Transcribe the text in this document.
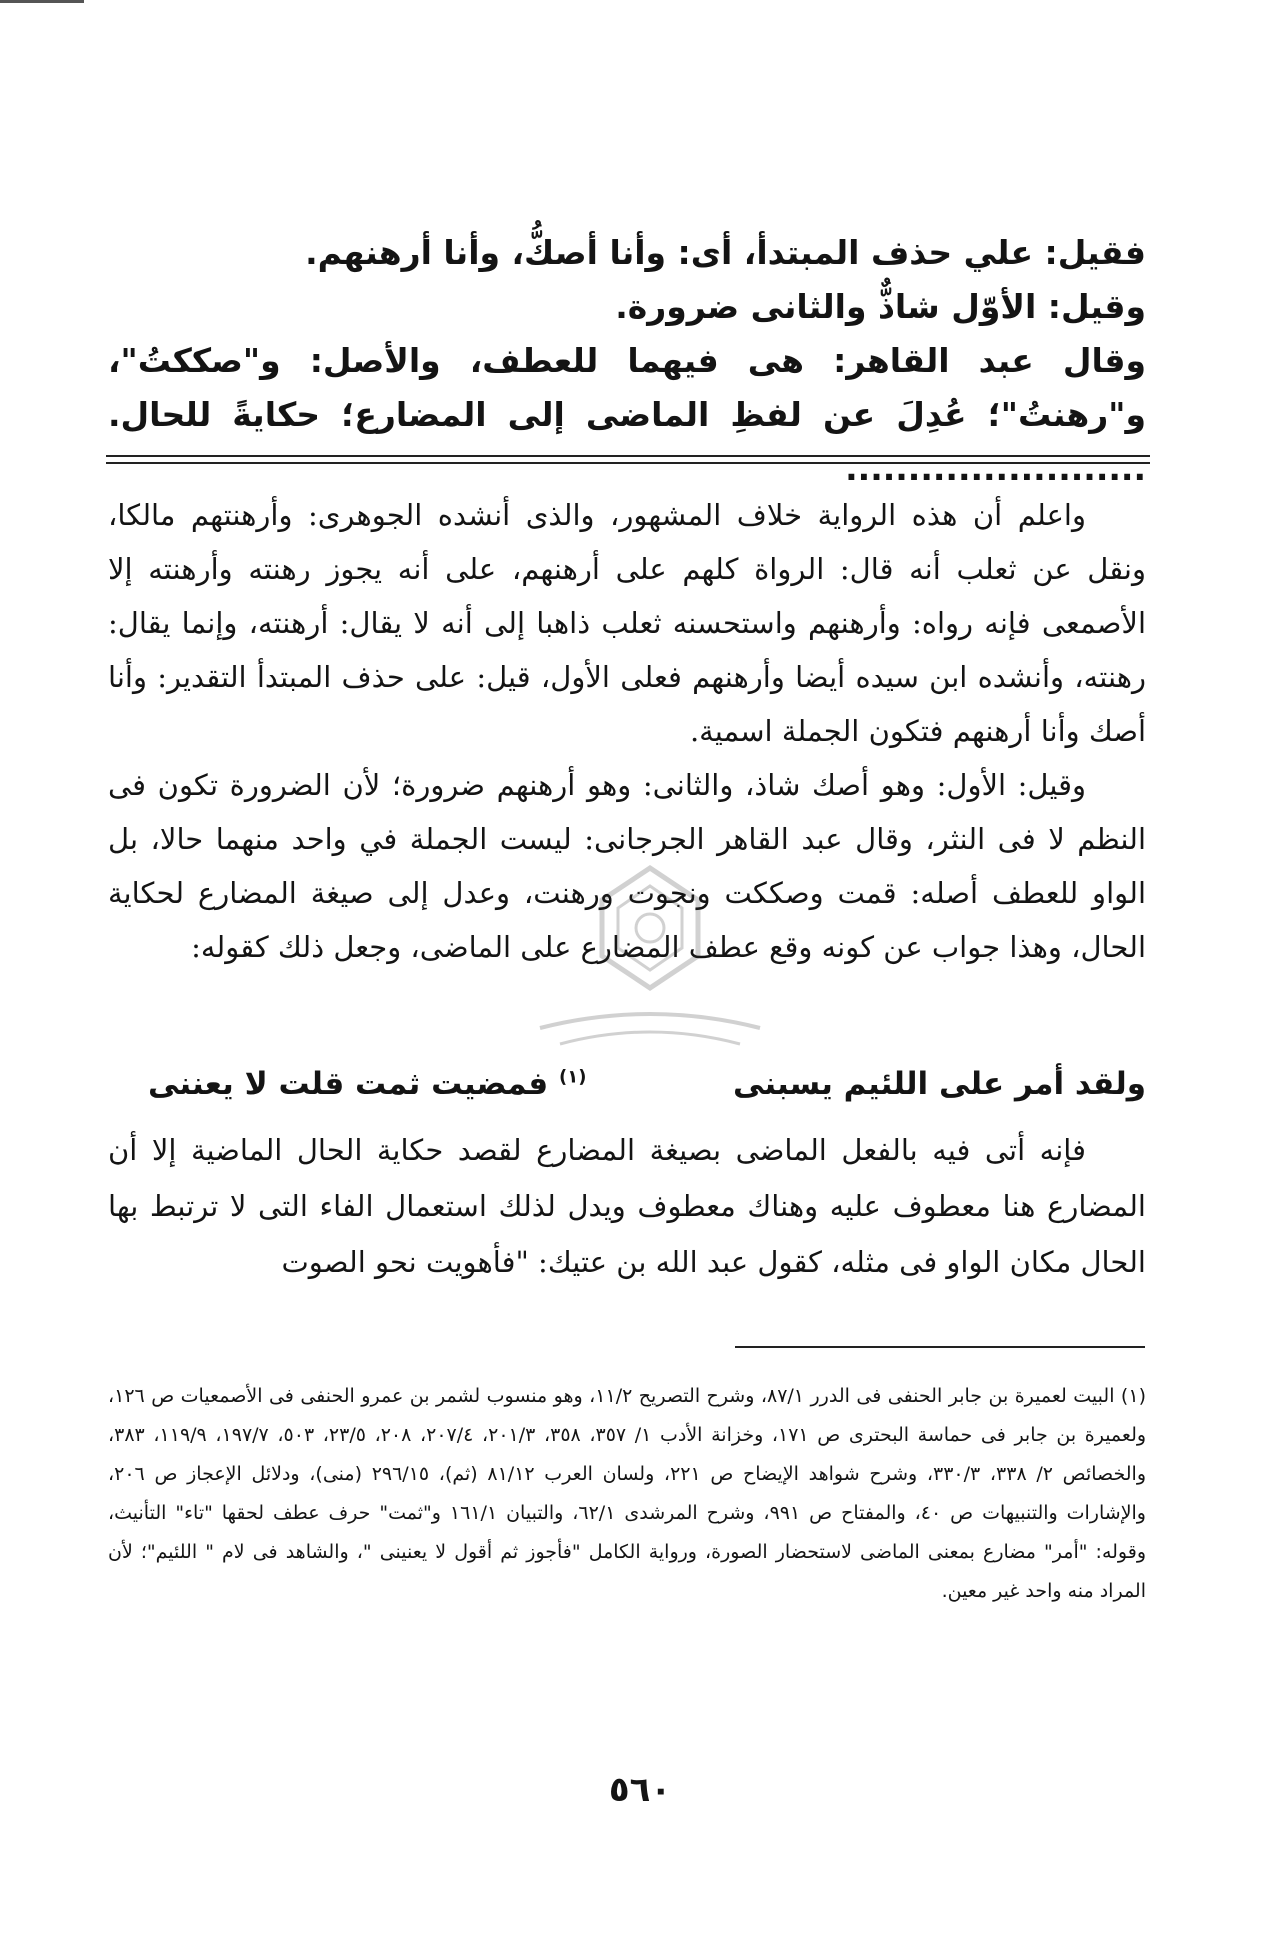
فقيل: علي حذف المبتدأ، أى: وأنا أصكُّ، وأنا أرهنهم.

وقيل: الأوّل شاذٌّ والثانى ضرورة.

وقال عبد القاهر: هى فيهما للعطف، والأصل: و"صككتُ"، و"رهنتُ"؛ عُدِلَ عن لفظِ الماضى إلى المضارع؛ حكايةً للحال. ........................

واعلم أن هذه الرواية خلاف المشهور، والذى أنشده الجوهرى: وأرهنتهم مالكا، ونقل عن ثعلب أنه قال: الرواة كلهم على أرهنهم، على أنه يجوز رهنته وأرهنته إلا الأصمعى فإنه رواه: وأرهنهم واستحسنه ثعلب ذاهبا إلى أنه لا يقال: أرهنته، وإنما يقال: رهنته، وأنشده ابن سيده أيضا وأرهنهم فعلى الأول، قيل: على حذف المبتدأ التقدير: وأنا أصك وأنا أرهنهم فتكون الجملة اسمية.

وقيل: الأول: وهو أصك شاذ، والثانى: وهو أرهنهم ضرورة؛ لأن الضرورة تكون فى النظم لا فى النثر، وقال عبد القاهر الجرجانى: ليست الجملة في واحد منهما حالا، بل الواو للعطف أصله: قمت وصككت ونجوت ورهنت، وعدل إلى صيغة المضارع لحكاية الحال، وهذا جواب عن كونه وقع عطف المضارع على الماضى، وجعل ذلك كقوله:

ولقد أمر على اللئيم يسبنى
$^{(١)}$ فمضيت ثمت قلت لا يعننى

فإنه أتى فيه بالفعل الماضى بصيغة المضارع لقصد حكاية الحال الماضية إلا أن المضارع هنا معطوف عليه وهناك معطوف ويدل لذلك استعمال الفاء التى لا ترتبط بها الحال مكان الواو فى مثله، كقول عبد الله بن عتيك: "فأهويت نحو الصوت

(١) البيت لعميرة بن جابر الحنفى فى الدرر ٨٧/١، وشرح التصريح ١١/٢، وهو منسوب لشمر بن عمرو الحنفى فى الأصمعيات ص ١٢٦، ولعميرة بن جابر فى حماسة البحترى ص ١٧١، وخزانة الأدب ١/ ٣٥٧، ٣٥٨، ٢٠١/٣، ٢٠٧/٤، ٢٠٨، ٢٣/٥، ٥٠٣، ١٩٧/٧، ١١٩/٩، ٣٨٣، والخصائص ٢/ ٣٣٨، ٣٣٠/٣، وشرح شواهد الإيضاح ص ٢٢١، ولسان العرب ٨١/١٢ (ثم)، ٢٩٦/١٥ (منى)، ودلائل الإعجاز ص ٢٠٦، والإشارات والتنبيهات ص ٤٠، والمفتاح ص ٩٩١، وشرح المرشدى ٦٢/١، والتبيان ١٦١/١ و"ثمت" حرف عطف لحقها "تاء" التأنيث، وقوله: "أمر" مضارع بمعنى الماضى لاستحضار الصورة، ورواية الكامل "فأجوز ثم أقول لا يعنينى "، والشاهد فى لام " اللئيم"؛ لأن المراد منه واحد غير معين.

٥٦٠
